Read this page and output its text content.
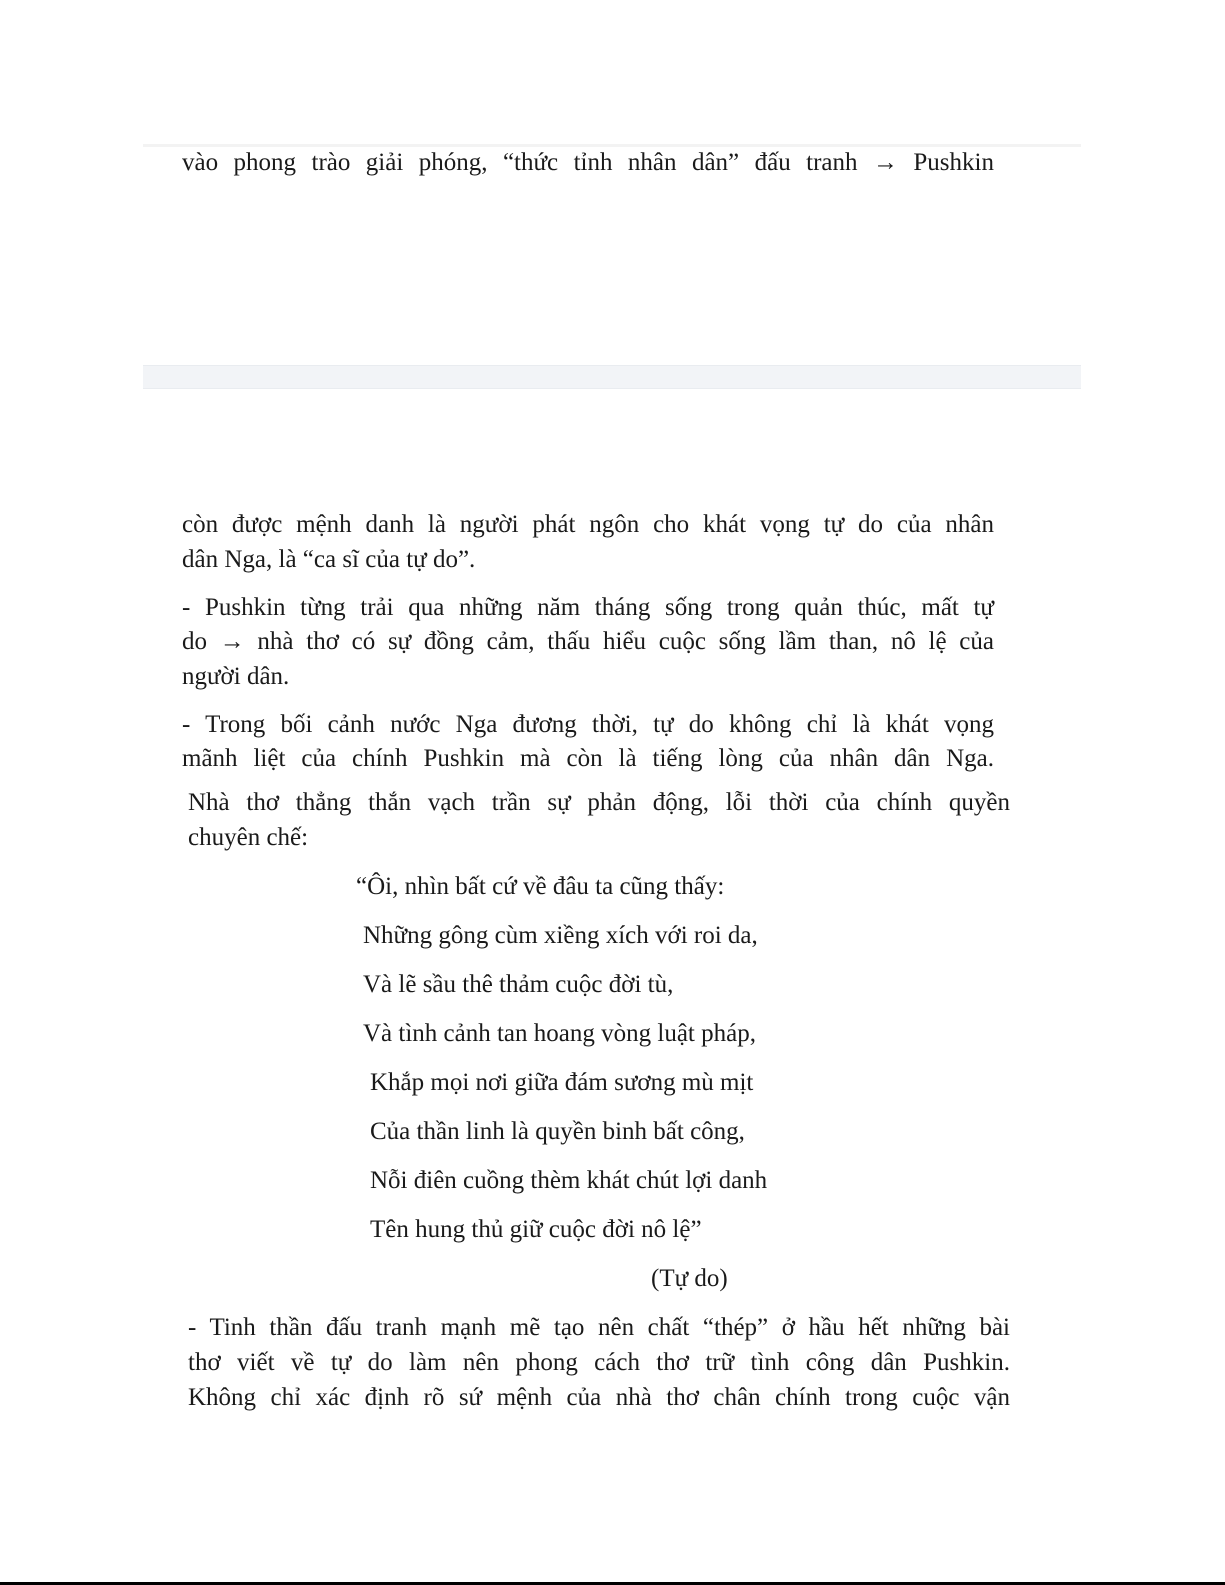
vào phong trào giải phóng, “thức tỉnh nhân dân” đấu tranh → Pushkin
còn được mệnh danh là người phát ngôn cho khát vọng tự do của nhân
dân Nga, là “ca sĩ của tự do”.
- Pushkin từng trải qua những năm tháng sống trong quản thúc, mất tự
do → nhà thơ có sự đồng cảm, thấu hiểu cuộc sống lầm than, nô lệ của
người dân.
- Trong bối cảnh nước Nga đương thời, tự do không chỉ là khát vọng
mãnh liệt của chính Pushkin mà còn là tiếng lòng của nhân dân Nga.
Nhà thơ thẳng thắn vạch trần sự phản động, lỗi thời của chính quyền
chuyên chế:
“Ôi, nhìn bất cứ về đâu ta cũng thấy:
Những gông cùm xiềng xích với roi da,
Và lẽ sầu thê thảm cuộc đời tù,
Và tình cảnh tan hoang vòng luật pháp,
Khắp mọi nơi giữa đám sương mù mịt
Của thần linh là quyền binh bất công,
Nỗi điên cuồng thèm khát chút lợi danh
Tên hung thủ giữ cuộc đời nô lệ”
(Tự do)
- Tinh thần đấu tranh mạnh mẽ tạo nên chất “thép” ở hầu hết những bài
thơ viết về tự do làm nên phong cách thơ trữ tình công dân Pushkin.
Không chỉ xác định rõ sứ mệnh của nhà thơ chân chính trong cuộc vận
